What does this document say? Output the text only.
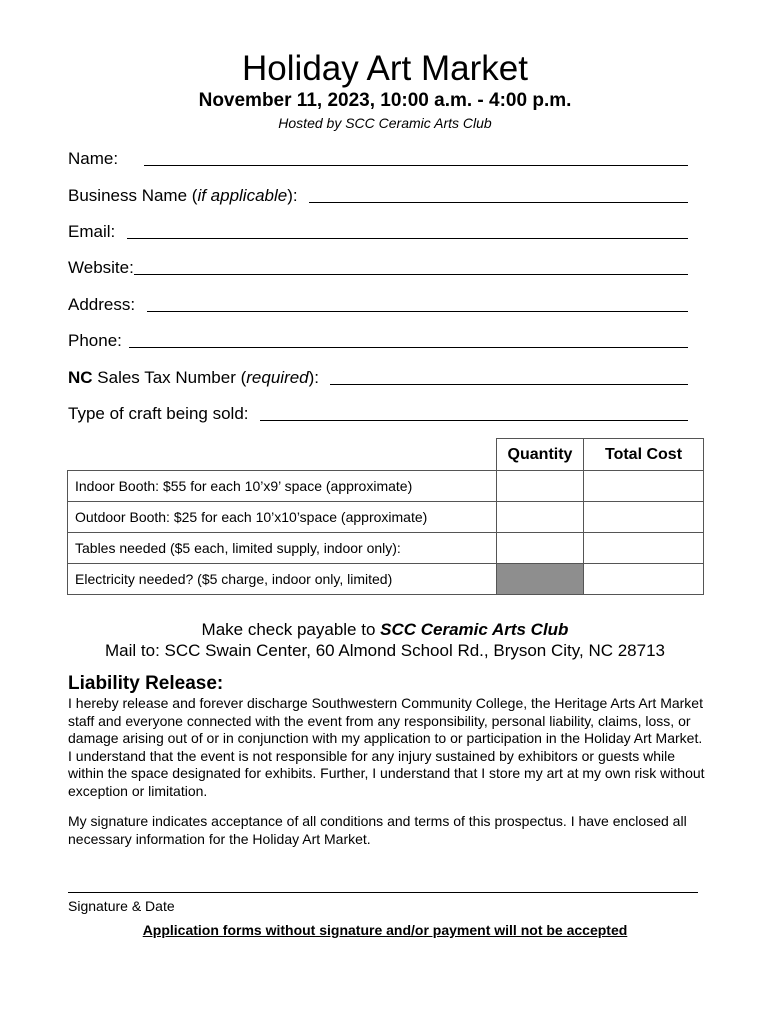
Holiday Art Market
November 11, 2023, 10:00 a.m. - 4:00 p.m.
Hosted by SCC Ceramic Arts Club
Name:
Business Name (if applicable):
Email:
Website:
Address:
Phone:
NC Sales Tax Number (required):
Type of craft being sold:
	Quantity	Total Cost
Indoor Booth: $55 for each 10’x9’ space (approximate)		
Outdoor Booth: $25 for each 10’x10’space (approximate)		
Tables needed ($5 each, limited supply, indoor only):		
Electricity needed? ($5 charge, indoor only, limited)		
Make check payable to SCC Ceramic Arts Club
Mail to: SCC Swain Center, 60 Almond School Rd., Bryson City, NC 28713
Liability Release:
I hereby release and forever discharge Southwestern Community College, the Heritage Arts Art Market staff and everyone connected with the event from any responsibility, personal liability, claims, loss, or damage arising out of or in conjunction with my application to or participation in the Holiday Art Market. I understand that the event is not responsible for any injury sustained by exhibitors or guests while within the space designated for exhibits. Further, I understand that I store my art at my own risk without exception or limitation.
My signature indicates acceptance of all conditions and terms of this prospectus. I have enclosed all necessary information for the Holiday Art Market.
Signature & Date
Application forms without signature and/or payment will not be accepted
